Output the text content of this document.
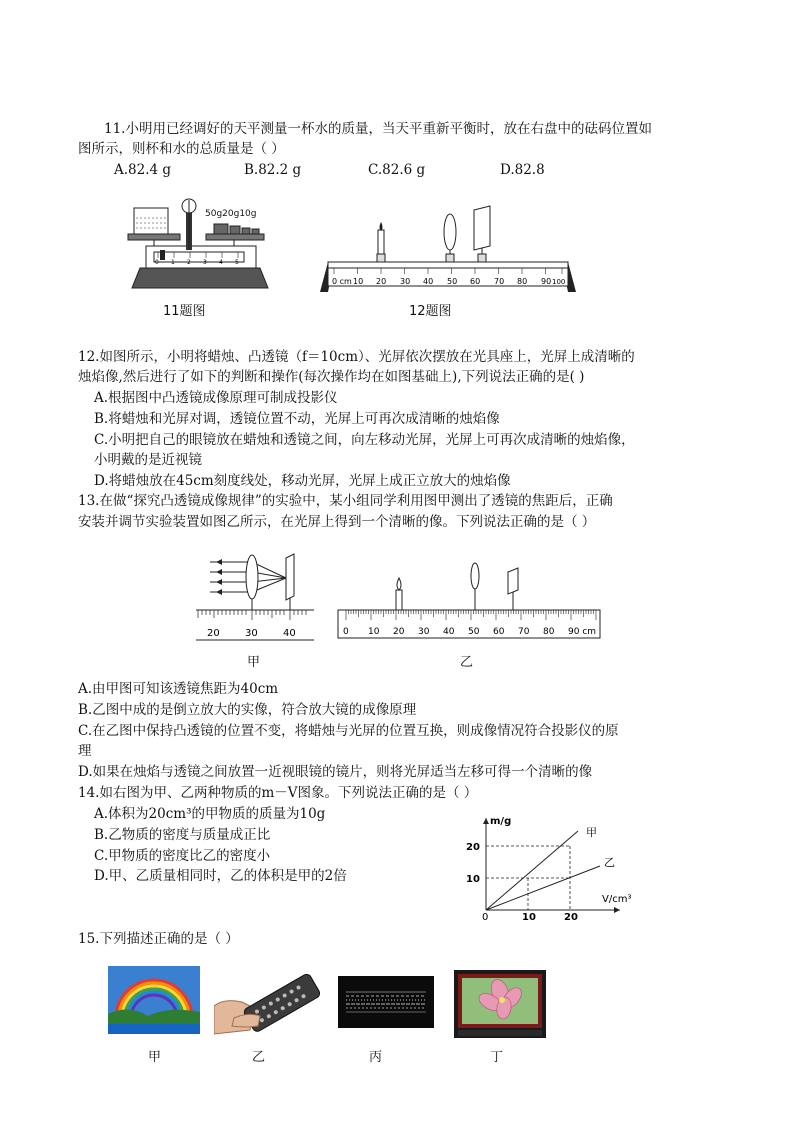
11.小明用已经调好的天平测量一杯水的质量，当天平重新平衡时，放在右盘中的砝码位置如
图所示，则杯和水的总质量是（ ）
A.82.4 g	B.82.2 g	C.82.6 g	D.82.8
0 1 2 3 4 5
50g20g10g
11题图
0 cm 10 20 30 40 50 60 70 80 90 100
12题图
12.如图所示，小明将蜡烛、凸透镜（f＝10cm）、光屏依次摆放在光具座上，光屏上成清晰的
烛焰像,然后进行了如下的判断和操作(每次操作均在如图基础上),下列说法正确的是( )
A.根据图中凸透镜成像原理可制成投影仪
B.将蜡烛和光屏对调，透镜位置不动，光屏上可再次成清晰的烛焰像
C.小明把自己的眼镜放在蜡烛和透镜之间，向左移动光屏，光屏上可再次成清晰的烛焰像，
小明戴的是近视镜
D.将蜡烛放在45cm刻度线处，移动光屏，光屏上成正立放大的烛焰像
13.在做“探究凸透镜成像规律”的实验中，某小组同学利用图甲测出了透镜的焦距后，正确
安装并调节实验装置如图乙所示，在光屏上得到一个清晰的像。下列说法正确的是（ ）
20	30	40
甲
0 10 20 30 40 50 60 70 80 90 cm
乙
A.由甲图可知该透镜焦距为40cm
B.乙图中成的是倒立放大的实像，符合放大镜的成像原理
C.在乙图中保持凸透镜的位置不变，将蜡烛与光屏的位置互换，则成像情况符合投影仪的原
理
D.如果在烛焰与透镜之间放置一近视眼镜的镜片，则将光屏适当左移可得一个清晰的像
14.如右图为甲、乙两种物质的m－V图象。下列说法正确的是（ ）
A.体积为20cm³的甲物质的质量为10g
B.乙物质的密度与质量成正比
C.甲物质的密度比乙的密度小
D.甲、乙质量相同时，乙的体积是甲的2倍
m/g
V/cm³
0
甲
乙
20
10
10	20
15.下列描述正确的是（ ）
甲	乙	丙	丁
